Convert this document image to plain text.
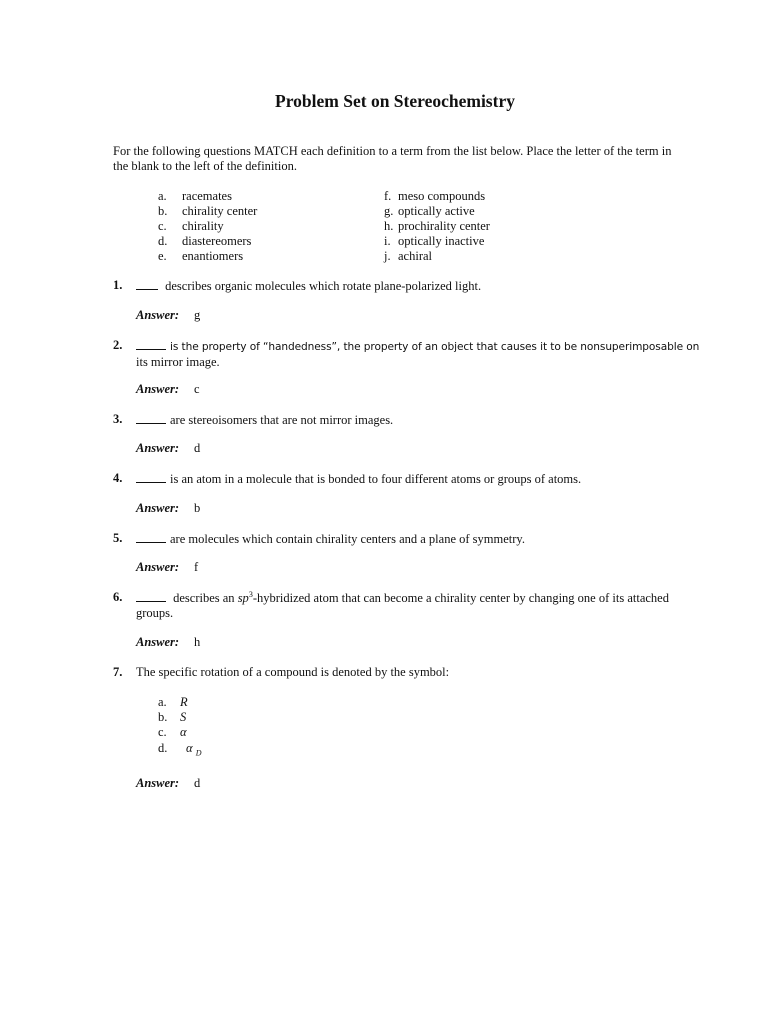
Problem Set on Stereochemistry
For the following questions MATCH each definition to a term from the list below. Place the letter of the term in the blank to the left of the definition.
a. racemates
b. chirality center
c. chirality
d. diastereomers
e. enantiomers
f. meso compounds
g. optically active
h. prochirality center
i. optically inactive
j. achiral
1.	describes organic molecules which rotate plane-polarized light.
Answer: g
2.	is the property of “handedness”, the property of an object that causes it to be nonsuperimposable on
its mirror image.
Answer: c
3.	are stereoisomers that are not mirror images.
Answer: d
4.	is an atom in a molecule that is bonded to four different atoms or groups of atoms.
Answer: b
5.	are molecules which contain chirality centers and a plane of symmetry.
Answer: f
6.	describes an $sp^3$-hybridized atom that can become a chirality center by changing one of its attached
groups.
Answer: h
7. The specific rotation of a compound is denoted by the symbol:
a. R
b. S
c. α
d. α $_D$
Answer: d
